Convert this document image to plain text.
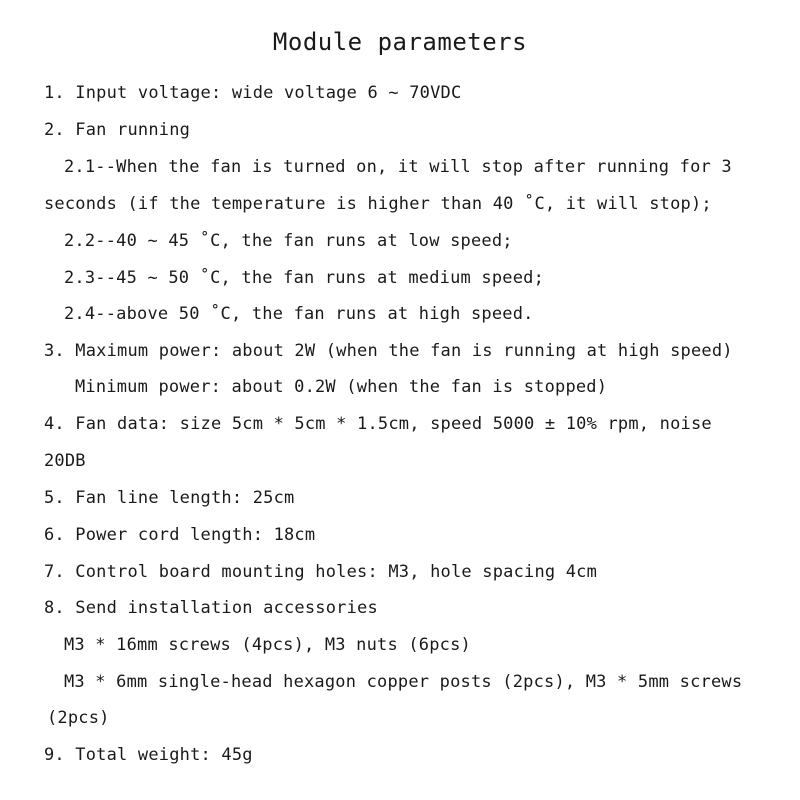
Module parameters
1. Input voltage: wide voltage 6 ~ 70VDC
2. Fan running
2.1--When the fan is turned on, it will stop after running for 3
seconds (if the temperature is higher than 40 ˚C, it will stop);
2.2--40 ~ 45 ˚C, the fan runs at low speed;
2.3--45 ~ 50 ˚C, the fan runs at medium speed;
2.4--above 50 ˚C, the fan runs at high speed.
3. Maximum power: about 2W (when the fan is running at high speed)
Minimum power: about 0.2W (when the fan is stopped)
4. Fan data: size 5cm * 5cm * 1.5cm, speed 5000 ± 10% rpm, noise
20DB
5. Fan line length: 25cm
6. Power cord length: 18cm
7. Control board mounting holes: M3, hole spacing 4cm
8. Send installation accessories
M3 * 16mm screws (4pcs), M3 nuts (6pcs)
M3 * 6mm single-head hexagon copper posts (2pcs), M3 * 5mm screws
(2pcs)
9. Total weight: 45g
